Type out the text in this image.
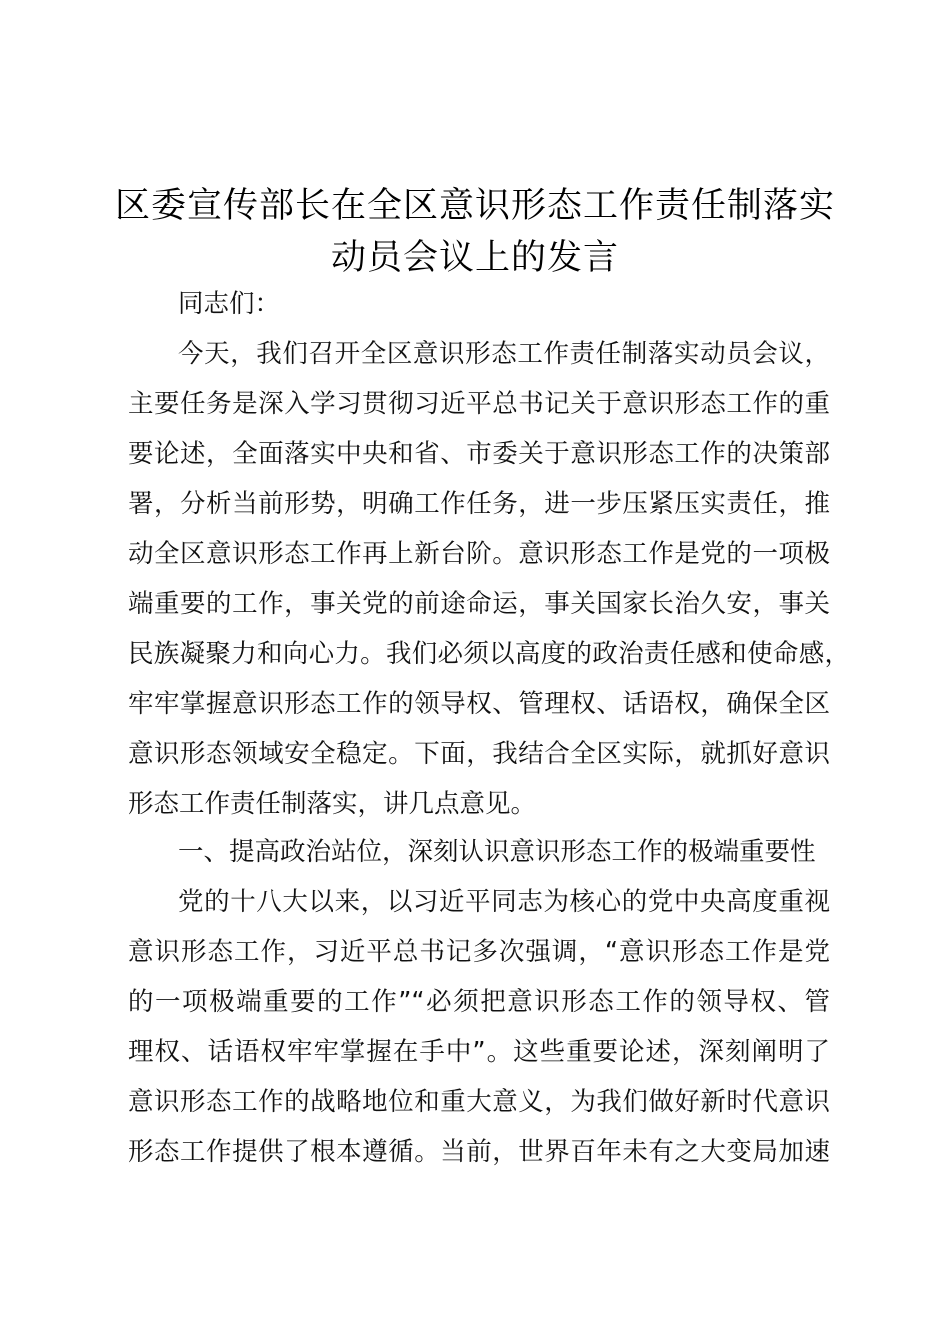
区委宣传部长在全区意识形态工作责任制落实
动员会议上的发言
同志们：
今天，我们召开全区意识形态工作责任制落实动员会议，
主要任务是深入学习贯彻习近平总书记关于意识形态工作的重
要论述，全面落实中央和省、市委关于意识形态工作的决策部
署，分析当前形势，明确工作任务，进一步压紧压实责任，推
动全区意识形态工作再上新台阶。意识形态工作是党的一项极
端重要的工作，事关党的前途命运，事关国家长治久安，事关
民族凝聚力和向心力。我们必须以高度的政治责任感和使命感，
牢牢掌握意识形态工作的领导权、管理权、话语权，确保全区
意识形态领域安全稳定。下面，我结合全区实际，就抓好意识
形态工作责任制落实，讲几点意见。
一、提高政治站位，深刻认识意识形态工作的极端重要性
党的十八大以来，以习近平同志为核心的党中央高度重视
意识形态工作，习近平总书记多次强调，“意识形态工作是党
的一项极端重要的工作”“必须把意识形态工作的领导权、管
理权、话语权牢牢掌握在手中”。这些重要论述，深刻阐明了
意识形态工作的战略地位和重大意义，为我们做好新时代意识
形态工作提供了根本遵循。当前，世界百年未有之大变局加速
